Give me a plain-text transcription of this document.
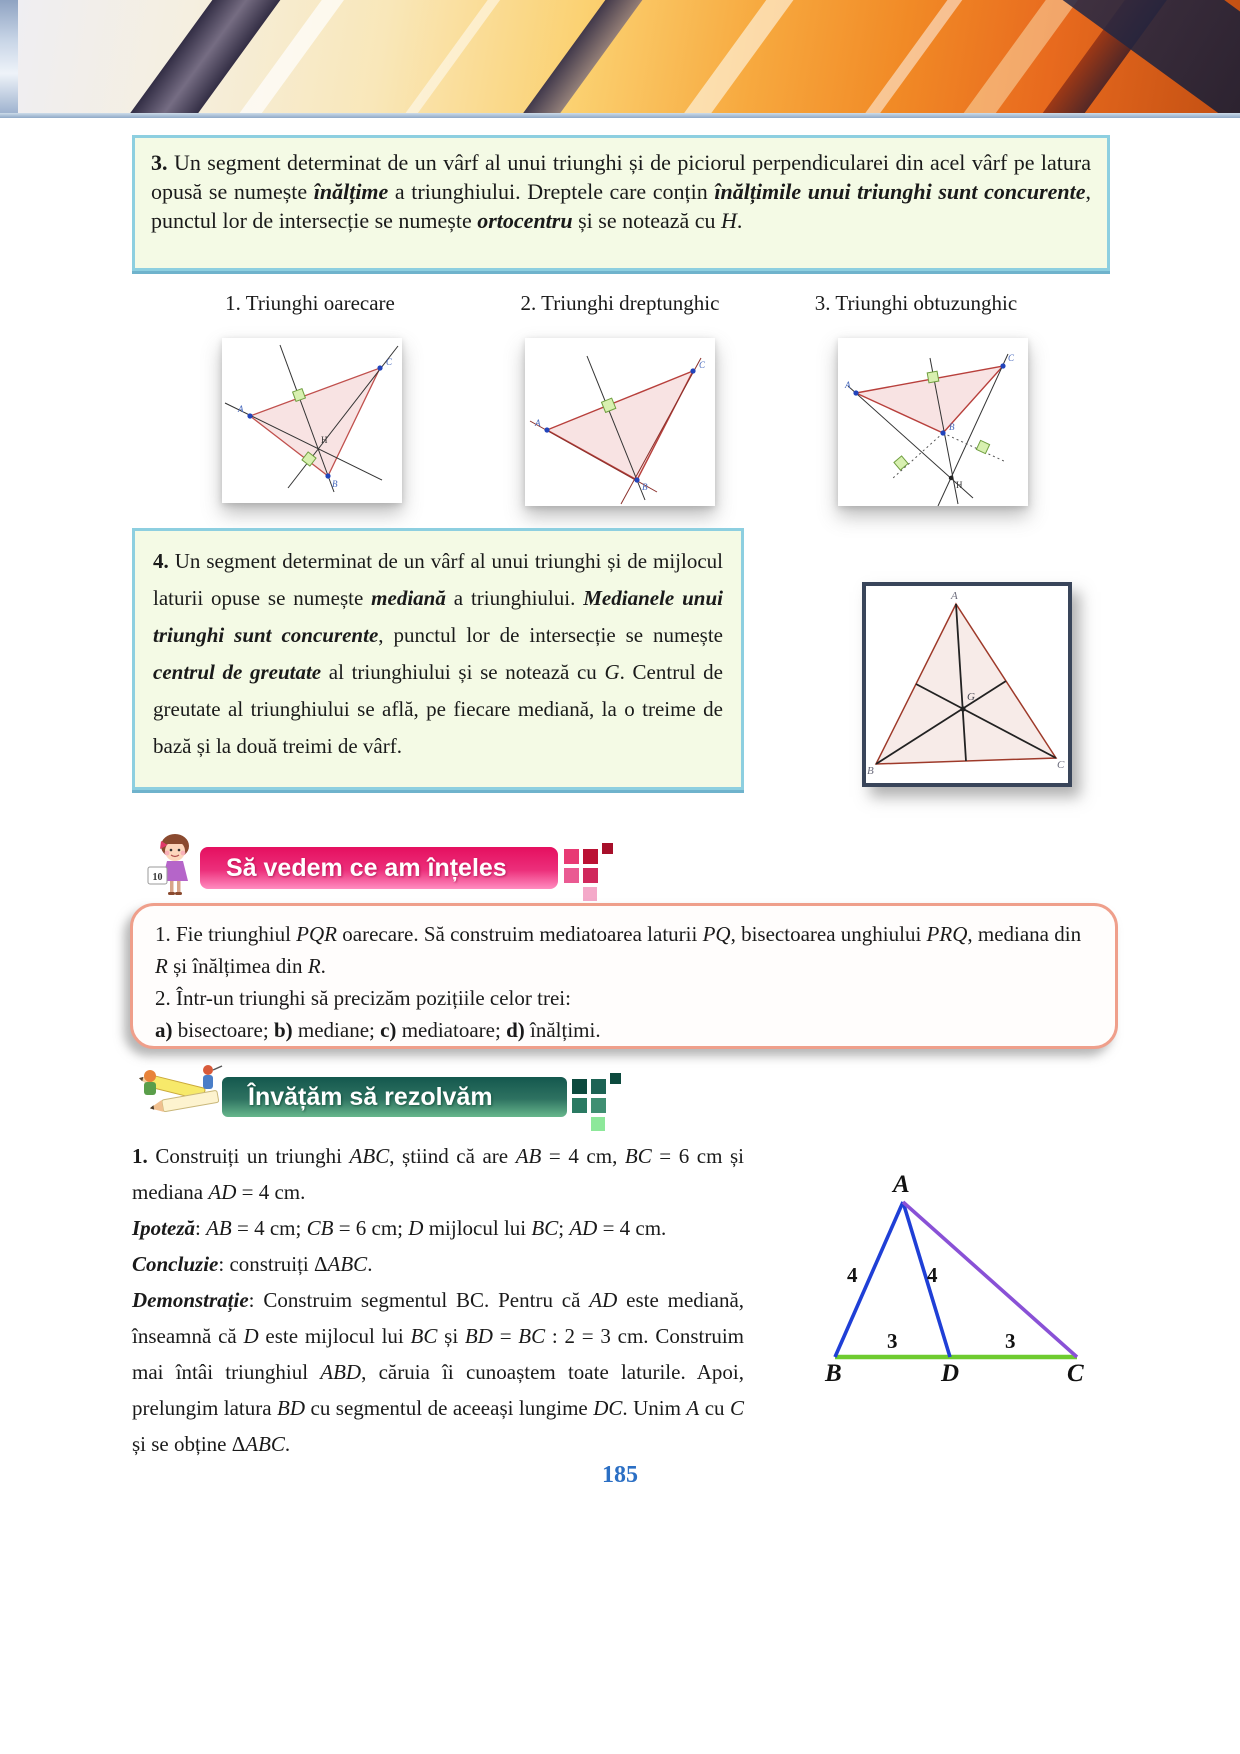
3. Un segment determinat de un vârf al unui triunghi și de piciorul perpendicularei din acel vârf pe latura opusă se numește înălțime a triunghiului. Dreptele care conțin înălțimile unui triunghi sunt concurente, punctul lor de intersecție se numește ortocentru și se notează cu H.
1. Triunghi oarecare	2. Triunghi dreptunghic	3. Triunghi obtuzunghic
A
C
B
H
A
C
B
A
C
B
H
4. Un segment determinat de un vârf al unui triunghi și de mijlocul laturii opuse se numește mediană a triunghiului. Medianele unui triunghi sunt concurente, punctul lor de intersecție se numește centrul de greutate al triunghiului și se notează cu G. Centrul de greutate al triunghiului se află, pe fiecare mediană, la o treime de bază și la două treimi de vârf.
A
B	C
G
10	Să vedem ce am înțeles

1. Fie triunghiul PQR oarecare. Să construim mediatoarea laturii PQ, bisectoarea unghiului PRQ, mediana din R și înălțimea din R.

2. Într-un triunghi să precizăm pozițiile celor trei:

a) bisectoare; b) mediane; c) mediatoare; d) înălțimi.

Învățăm să rezolvăm

1. Construiți un triunghi ABC, știind că are AB = 4 cm, BC = 6 cm și mediana AD = 4 cm.

Ipoteză: AB = 4 cm; CB = 6 cm; D mijlocul lui BC; AD = 4 cm.

Concluzie: construiți ΔABC.

Demonstrație: Construim segmentul BC. Pentru că AD este mediană, înseamnă că D este mijlocul lui BC și BD = BC : 2 = 3 cm. Construim mai întâi triunghiul ABD, căruia îi cunoaștem toate laturile. Apoi, prelungim latura BD cu segmentul de aceeași lungime DC. Unim A cu C și se obține ΔABC.

A
B	D	C
4	4
3	3
185
